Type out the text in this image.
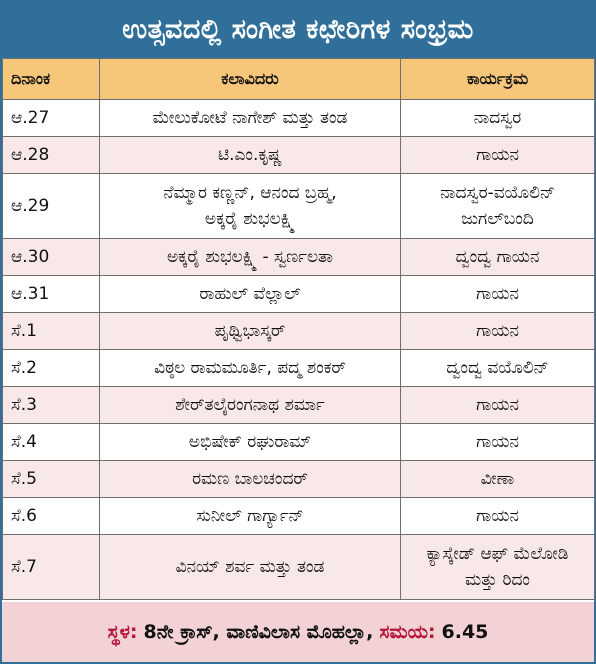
ಉತ್ಸವದಲ್ಲಿ ಸಂಗೀತ ಕಛೇರಿಗಳ ಸಂಭ್ರಮ
ದಿನಾಂಕ	ಕಲಾವಿದರು	ಕಾರ್ಯಕ್ರಮ
ಆ.27	ಮೇಲುಕೋಟೆ ನಾಗೇಶ್ ಮತ್ತು ತಂಡ	ನಾದಸ್ವರ
ಆ.28	ಟಿ.ಎಂ.ಕೃಷ್ಣ	ಗಾಯನ
ಆ.29	ನೆಮ್ಮಾರ ಕಣ್ಣನ್, ಆನಂದ ಬ್ರಹ್ಮ,
ಅಕ್ಕರೈ ಶುಭಲಕ್ಷ್ಮಿ	ನಾದಸ್ವರ-ವಯೊಲಿನ್
ಜುಗಲ್‌ಬಂದಿ
ಆ.30	ಅಕ್ಕರೈ ಶುಭಲಕ್ಷ್ಮಿ - ಸ್ವರ್ಣಲತಾ	ದ್ವಂದ್ವ ಗಾಯನ
ಆ.31	ರಾಹುಲ್ ವೆಲ್ಲಾಲ್	ಗಾಯನ
ಸೆ.1	ಪೃಥ್ವಿಭಾಸ್ಕರ್	ಗಾಯನ
ಸೆ.2	ವಿಠ್ಠಲ ರಾಮಮೂರ್ತಿ, ಪದ್ಮ ಶಂಕರ್	ದ್ವಂದ್ವ ವಯೊಲಿನ್
ಸೆ.3	ಶೇರ್‌ತಲೈರಂಗನಾಥ ಶರ್ಮಾ	ಗಾಯನ
ಸೆ.4	ಅಭಿಷೇಕ್ ರಘುರಾಮ್	ಗಾಯನ
ಸೆ.5	ರಮಣ ಬಾಲಚಂದರ್	ವೀಣಾ
ಸೆ.6	ಸುನೀಲ್ ಗಾರ್ಗ್ಯಾನ್	ಗಾಯನ
ಸೆ.7	ವಿನಯ್ ಶರ್ವ ಮತ್ತು ತಂಡ	ಕ್ಯಾಸ್ಕೇಡ್ ಆಫ್ ಮೆಲೋಡಿ
ಮತ್ತು ರಿದಂ
ಸ್ಥಳ: 8ನೇ ಕ್ರಾಸ್, ವಾಣಿವಿಲಾಸ ಮೊಹಲ್ಲಾ, ಸಮಯ: 6.45
